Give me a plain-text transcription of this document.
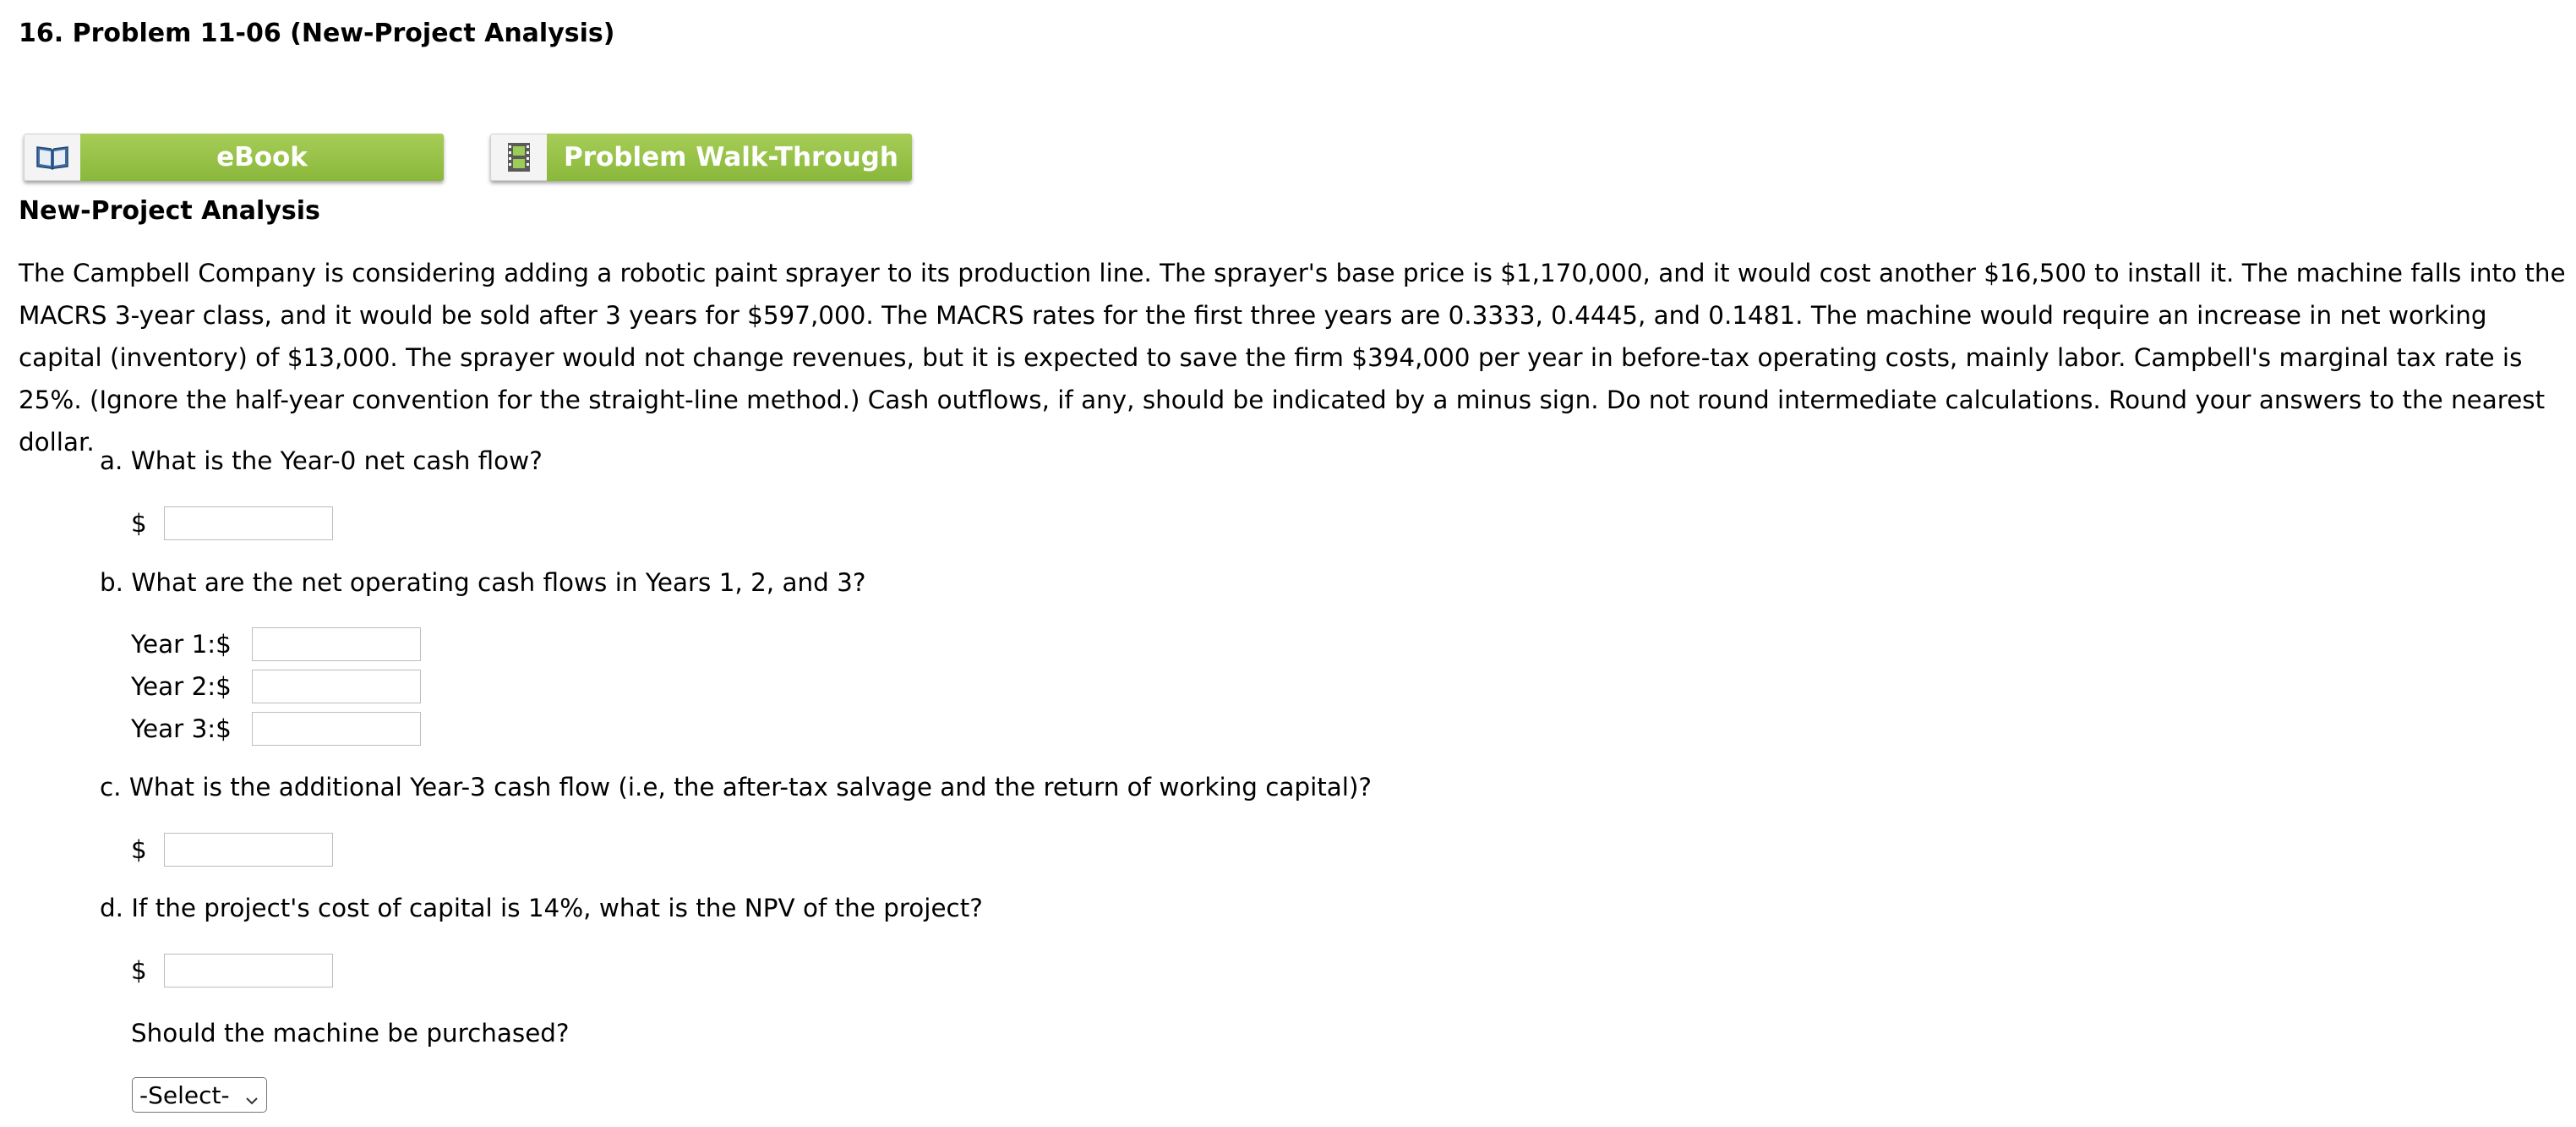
16. Problem 11-06 (New-Project Analysis)
eBook	Problem Walk-Through
New-Project Analysis

The Campbell Company is considering adding a robotic paint sprayer to its production line. The sprayer's base price is $1,170,000, and it would cost another $16,500 to install it. The machine falls into the MACRS 3-year class, and it would be sold after 3 years for $597,000. The MACRS rates for the first three years are 0.3333, 0.4445, and 0.1481. The machine would require an increase in net working capital (inventory) of $13,000. The sprayer would not change revenues, but it is expected to save the firm $394,000 per year in before-tax operating costs, mainly labor. Campbell's marginal tax rate is 25%. (Ignore the half-year convention for the straight-line method.) Cash outflows, if any, should be indicated by a minus sign. Do not round intermediate calculations. Round your answers to the nearest dollar.

a. What is the Year-0 net cash flow?
$
b. What are the net operating cash flows in Years 1, 2, and 3?
Year 1:$
Year 2:$
Year 3:$
c. What is the additional Year-3 cash flow (i.e, the after-tax salvage and the return of working capital)?
$
d. If the project's cost of capital is 14%, what is the NPV of the project?
$
Should the machine be purchased?
-Select-
